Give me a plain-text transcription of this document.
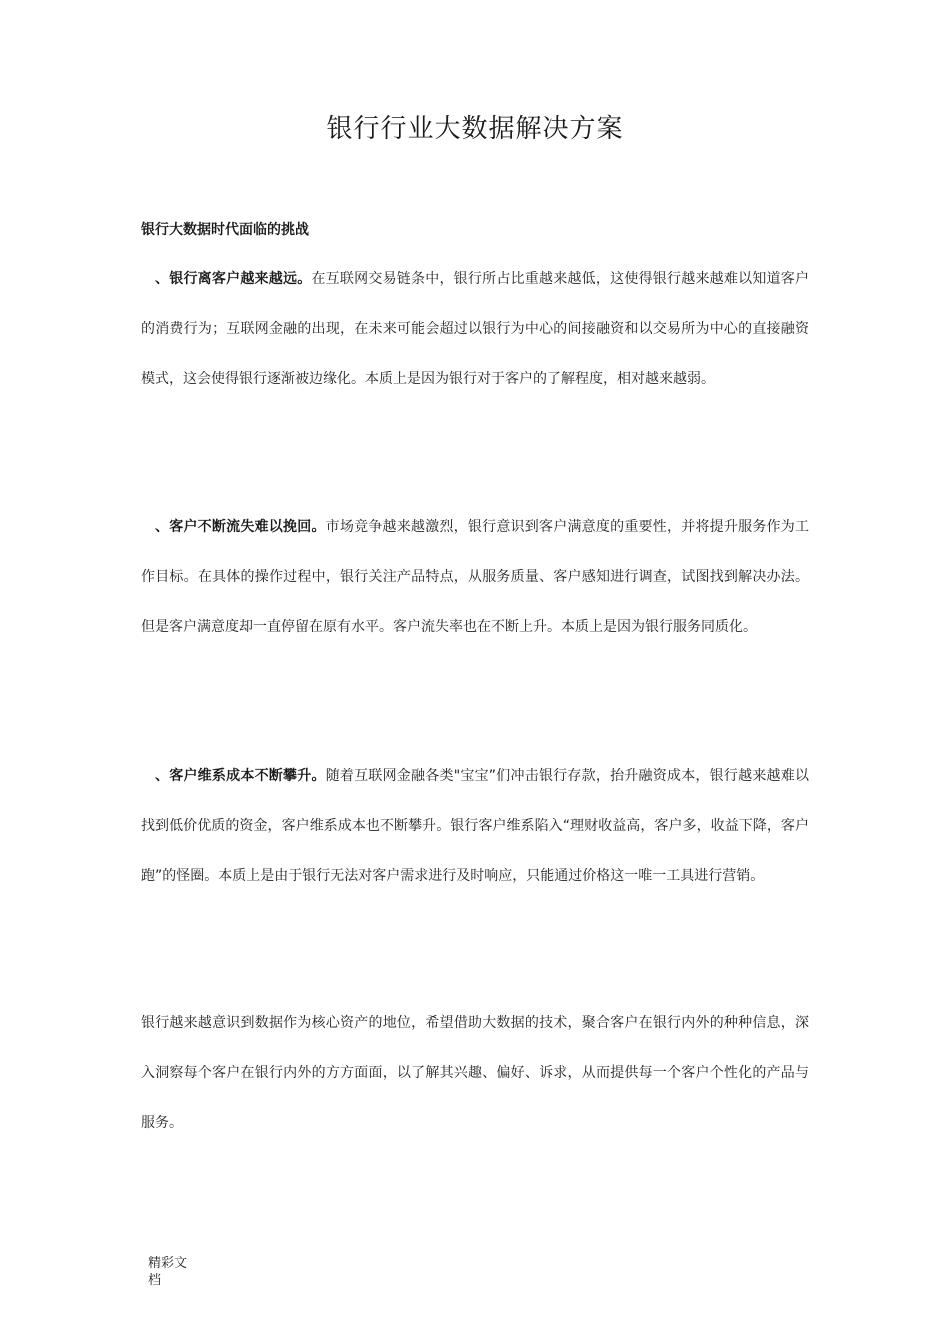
银行行业大数据解决方案
银行大数据时代面临的挑战

、银行离客户越来越远。在互联网交易链条中，银行所占比重越来越低，这使得银行越来越难以知道客户的消费行为；互联网金融的出现，在未来可能会超过以银行为中心的间接融资和以交易所为中心的直接融资模式，这会使得银行逐渐被边缘化。本质上是因为银行对于客户的了解程度，相对越来越弱。

、客户不断流失难以挽回。市场竞争越来越激烈，银行意识到客户满意度的重要性，并将提升服务作为工作目标。在具体的操作过程中，银行关注产品特点，从服务质量、客户感知进行调查，试图找到解决办法。但是客户满意度却一直停留在原有水平。客户流失率也在不断上升。本质上是因为银行服务同质化。

、客户维系成本不断攀升。随着互联网金融各类"宝宝”们冲击银行存款，抬升融资成本，银行越来越难以找到低价优质的资金，客户维系成本也不断攀升。银行客户维系陷入“理财收益高，客户多，收益下降，客户跑”的怪圈。本质上是由于银行无法对客户需求进行及时响应，只能通过价格这一唯一工具进行营销。

银行越来越意识到数据作为核心资产的地位，希望借助大数据的技术，聚合客户在银行内外的种种信息，深入洞察每个客户在银行内外的方方面面，以了解其兴趣、偏好、诉求，从而提供每一个客户个性化的产品与服务。

精彩文档
